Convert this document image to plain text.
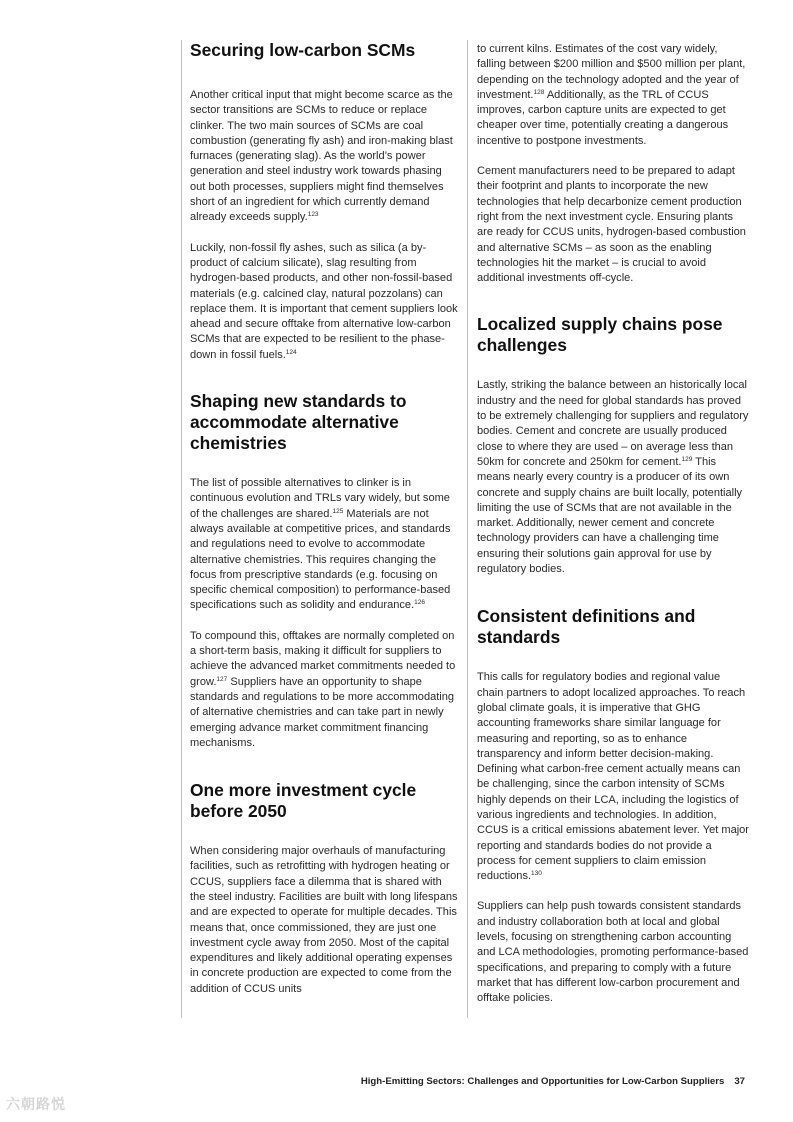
Securing low-carbon SCMs

Another critical input that might become scarce as the sector transitions are SCMs to reduce or replace clinker. The two main sources of SCMs are coal combustion (generating fly ash) and iron-making blast furnaces (generating slag). As the world’s power generation and steel industry work towards phasing out both processes, suppliers might find themselves short of an ingredient for which currently demand already exceeds supply.$^{123}$

Luckily, non-fossil fly ashes, such as silica (a by-product of calcium silicate), slag resulting from hydrogen-based products, and other non-fossil-based materials (e.g. calcined clay, natural pozzolans) can replace them. It is important that cement suppliers look ahead and secure offtake from alternative low-carbon SCMs that are expected to be resilient to the phase-down in fossil fuels.$^{124}$

Shaping new standards to accommodate alternative chemistries

The list of possible alternatives to clinker is in continuous evolution and TRLs vary widely, but some of the challenges are shared.$^{125}$ Materials are not always available at competitive prices, and standards and regulations need to evolve to accommodate alternative chemistries. This requires changing the focus from prescriptive standards (e.g. focusing on specific chemical composition) to performance-based specifications such as solidity and endurance.$^{126}$

To compound this, offtakes are normally completed on a short-term basis, making it difficult for suppliers to achieve the advanced market commitments needed to grow.$^{127}$ Suppliers have an opportunity to shape standards and regulations to be more accommodating of alternative chemistries and can take part in newly emerging advance market commitment financing mechanisms.

One more investment cycle before 2050

When considering major overhauls of manufacturing facilities, such as retrofitting with hydrogen heating or CCUS, suppliers face a dilemma that is shared with the steel industry. Facilities are built with long lifespans and are expected to operate for multiple decades. This means that, once commissioned, they are just one investment cycle away from 2050. Most of the capital expenditures and likely additional operating expenses in concrete production are expected to come from the addition of CCUS units

to current kilns. Estimates of the cost vary widely, falling between $200 million and $500 million per plant, depending on the technology adopted and the year of investment.$^{128}$ Additionally, as the TRL of CCUS improves, carbon capture units are expected to get cheaper over time, potentially creating a dangerous incentive to postpone investments.

Cement manufacturers need to be prepared to adapt their footprint and plants to incorporate the new technologies that help decarbonize cement production right from the next investment cycle. Ensuring plants are ready for CCUS units, hydrogen-based combustion and alternative SCMs – as soon as the enabling technologies hit the market – is crucial to avoid additional investments off-cycle.

Localized supply chains pose challenges

Lastly, striking the balance between an historically local industry and the need for global standards has proved to be extremely challenging for suppliers and regulatory bodies. Cement and concrete are usually produced close to where they are used – on average less than 50km for concrete and 250km for cement.$^{129}$ This means nearly every country is a producer of its own concrete and supply chains are built locally, potentially limiting the use of SCMs that are not available in the market. Additionally, newer cement and concrete technology providers can have a challenging time ensuring their solutions gain approval for use by regulatory bodies.

Consistent definitions and standards

This calls for regulatory bodies and regional value chain partners to adopt localized approaches. To reach global climate goals, it is imperative that GHG accounting frameworks share similar language for measuring and reporting, so as to enhance transparency and inform better decision-making. Defining what carbon-free cement actually means can be challenging, since the carbon intensity of SCMs highly depends on their LCA, including the logistics of various ingredients and technologies. In addition, CCUS is a critical emissions abatement lever. Yet major reporting and standards bodies do not provide a process for cement suppliers to claim emission reductions.$^{130}$

Suppliers can help push towards consistent standards and industry collaboration both at local and global levels, focusing on strengthening carbon accounting and LCA methodologies, promoting performance-based specifications, and preparing to comply with a future market that has different low-carbon procurement and offtake policies.

High-Emitting Sectors: Challenges and Opportunities for Low-Carbon Suppliers 37
六朝路悦
